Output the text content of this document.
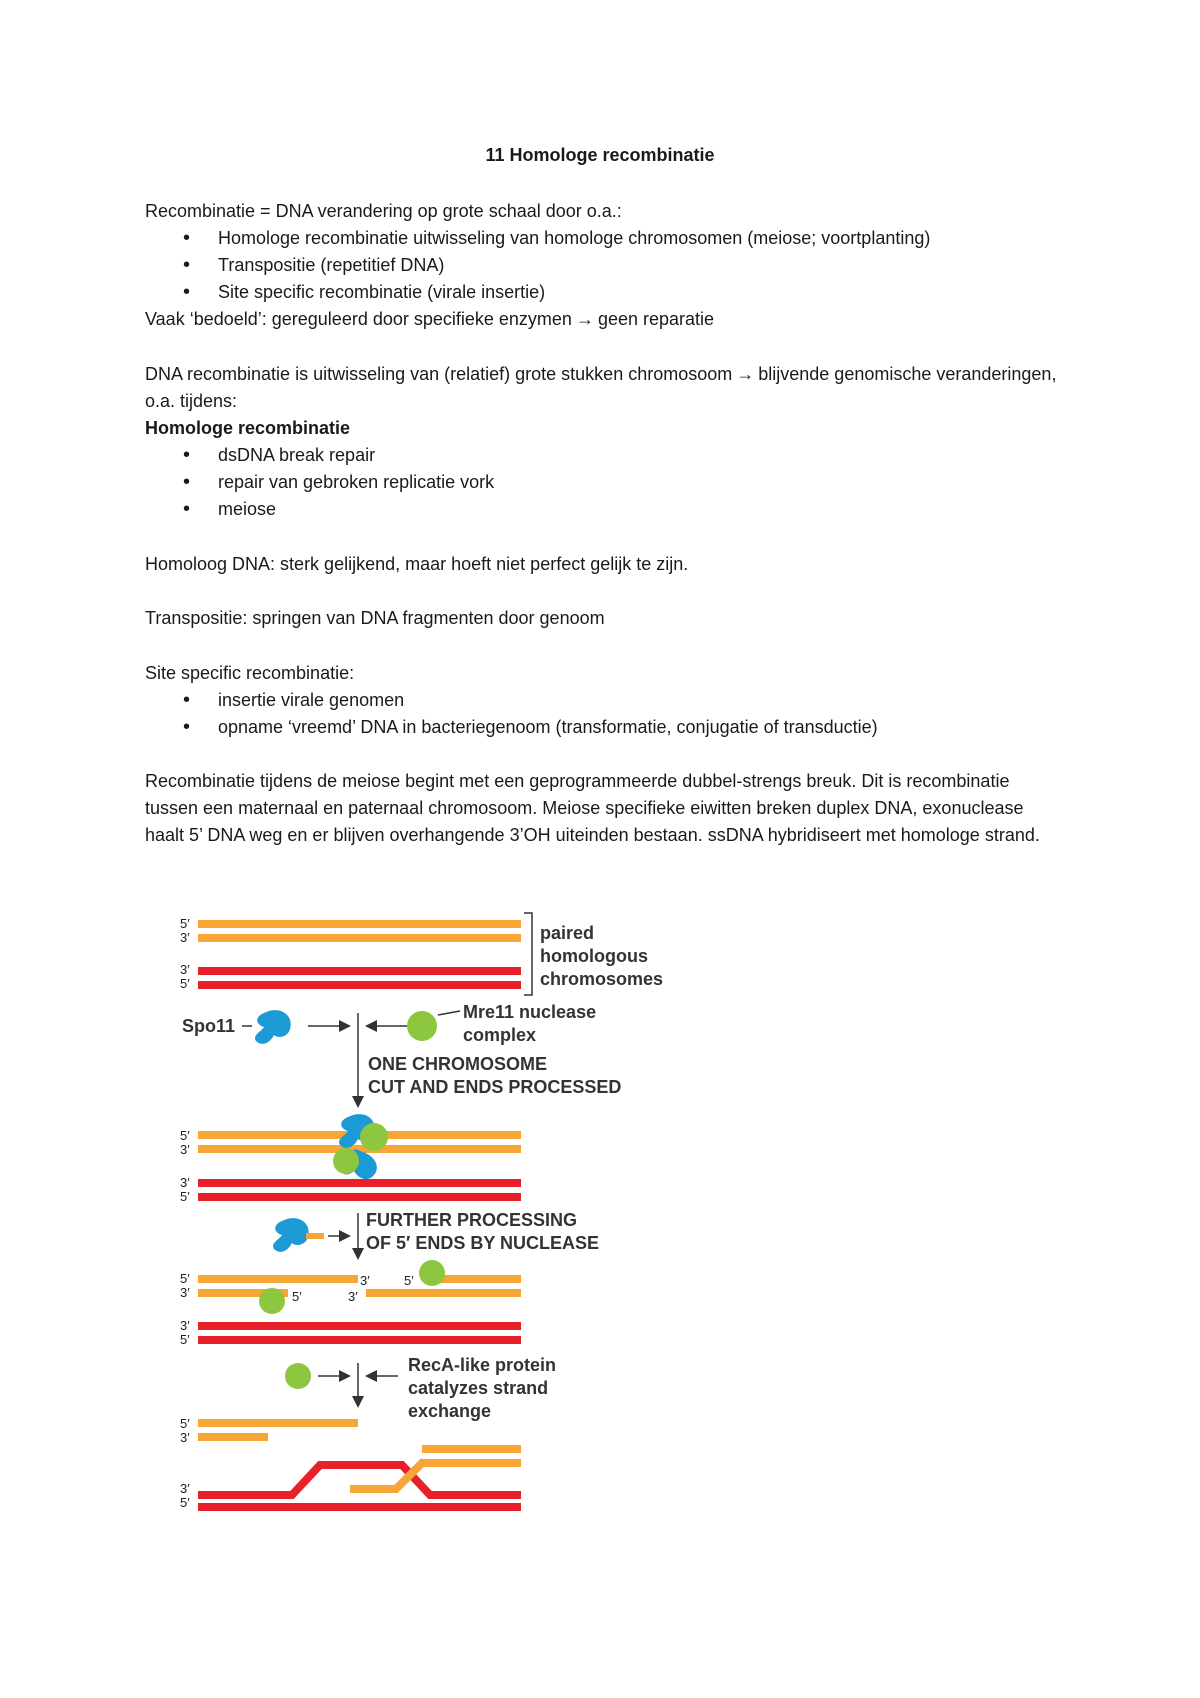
11 Homologe recombinatie

Recombinatie = DNA verandering op grote schaal door o.a.:

• Homologe recombinatie uitwisseling van homologe chromosomen (meiose; voortplanting)
• Transpositie (repetitief DNA)
• Site specific recombinatie (virale insertie)

Vaak ‘bedoeld’: gereguleerd door specifieke enzymen → geen reparatie

DNA recombinatie is uitwisseling van (relatief) grote stukken chromosoom → blijvende genomische veranderingen, o.a. tijdens:

Homologe recombinatie

• dsDNA break repair
• repair van gebroken replicatie vork
• meiose

Homoloog DNA: sterk gelijkend, maar hoeft niet perfect gelijk te zijn.

Transpositie: springen van DNA fragmenten door genoom

Site specific recombinatie:

• insertie virale genomen
• opname ‘vreemd’ DNA in bacteriegenoom (transformatie, conjugatie of transductie)

Recombinatie tijdens de meiose begint met een geprogrammeerde dubbel-strengs breuk. Dit is recombinatie tussen een maternaal en paternaal chromosoom. Meiose specifieke eiwitten breken duplex DNA, exonuclease haalt 5’ DNA weg en er blijven overhangende 3’OH uiteinden bestaan. ssDNA hybridiseert met homologe strand.

5′
3′
3′
5′
paired
homologous
chromosomes
Spo11
Mre11 nuclease
complex
ONE CHROMOSOME
CUT AND ENDS PROCESSED
5′
3′
3′
5′
FURTHER PROCESSING
OF 5′ ENDS BY NUCLEASE
5′
3′	5′
3′
3′
5′
3′
5′
RecA-like protein
catalyzes strand
exchange
5′
3′
3′
5′
